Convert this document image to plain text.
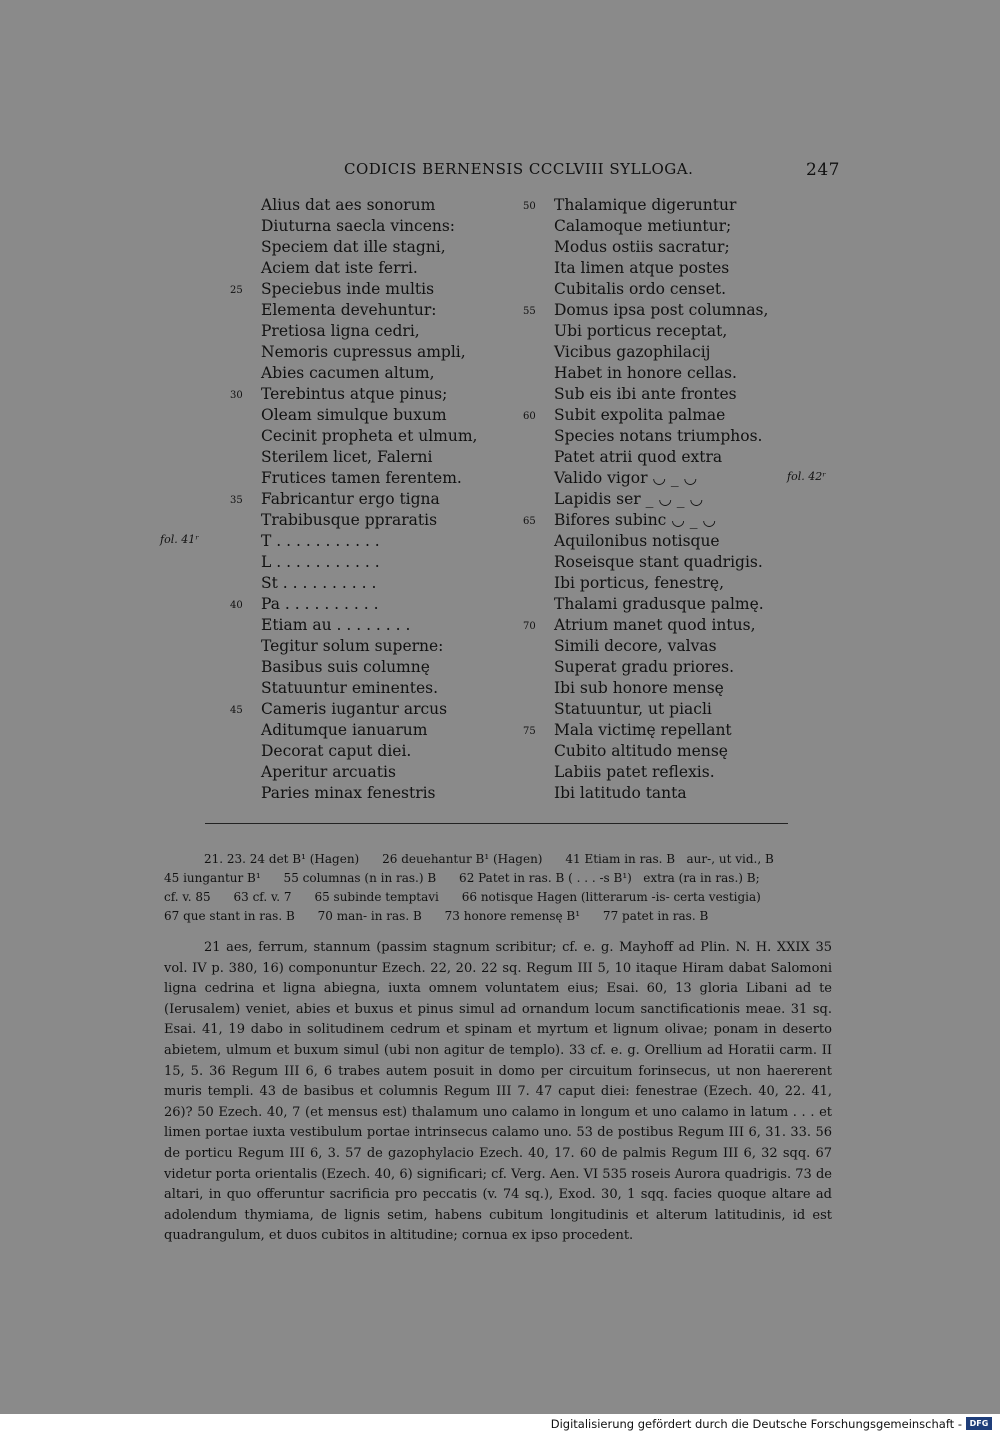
CODICIS BERNENSIS CCCLVIII SYLLOGA.	247
Alius dat aes sonorum
Diuturna saecla vincens:
Speciem dat ille stagni,
Aciem dat iste ferri.
25	Speciebus inde multis
Elementa devehuntur:
Pretiosa ligna cedri,
Nemoris cupressus ampli,
Abies cacumen altum,
30	Terebintus atque pinus;
Oleam simulque buxum
Cecinit propheta et ulmum,
Sterilem licet, Falerni
Frutices tamen ferentem.
35	Fabricantur ergo tigna
Trabibusque ppraratis
T . . . . . . . . . . .
L . . . . . . . . . . .
St . . . . . . . . . .
40	Pa . . . . . . . . . .
Etiam au . . . . . . . .
Tegitur solum superne:
Basibus suis columnę
Statuuntur eminentes.
45	Cameris iugantur arcus
Aditumque ianuarum
Decorat caput diei.
Aperitur arcuatis
Paries minax fenestris
50	Thalamique digeruntur
Calamoque metiuntur;
Modus ostiis sacratur;
Ita limen atque postes
Cubitalis ordo censet.
55	Domus ipsa post columnas,
Ubi porticus receptat,
Vicibus gazophilacij
Habet in honore cellas.
Sub eis ibi ante frontes
60	Subit expolita palmae
Species notans triumphos.
Patet atrii quod extra
Valido vigor ◡ _ ◡
Lapidis ser _ ◡ _ ◡
65	Bifores subinc ◡ _ ◡
Aquilonibus notisque
Roseisque stant quadrigis.
Ibi porticus, fenestrę,
Thalami gradusque palmę.
70	Atrium manet quod intus,
Simili decore, valvas
Superat gradu priores.
Ibi sub honore mensę
Statuuntur, ut piacli
75	Mala victimę repellant
Cubito altitudo mensę
Labiis patet reflexis.
Ibi latitudo tanta
fol. 41ʳ
fol. 42ʳ

21. 23. 24 det B¹ (Hagen)      26 deuehantur B¹ (Hagen)      41 Etiam in ras. B   aur-, ut vid., B

45 iungantur B¹      55 columnas (n in ras.) B      62 Patet in ras. B ( . . . -s B¹)   extra (ra in ras.) B;

cf. v. 85      63 cf. v. 7      65 subinde temptavi      66 notisque Hagen (litterarum -is- certa vestigia)

67 que stant in ras. B      70 man- in ras. B      73 honore remensę B¹      77 patet in ras. B

21 aes, ferrum, stannum (passim stagnum scribitur; cf. e. g. Mayhoff ad Plin. N. H. XXIX 35 vol. IV p. 380, 16) componuntur Ezech. 22, 20. 22 sq. Regum III 5, 10 itaque Hiram dabat Salomoni ligna cedrina et ligna abiegna, iuxta omnem voluntatem eius; Esai. 60, 13 gloria Libani ad te (Ierusalem) veniet, abies et buxus et pinus simul ad ornandum locum sanctificationis meae. 31 sq. Esai. 41, 19 dabo in solitudinem cedrum et spinam et myrtum et lignum olivae; ponam in deserto abietem, ulmum et buxum simul (ubi non agitur de templo). 33 cf. e. g. Orellium ad Horatii carm. II 15, 5. 36 Regum III 6, 6 trabes autem posuit in domo per circuitum forinsecus, ut non haererent muris templi. 43 de basibus et columnis Regum III 7. 47 caput diei: fenestrae (Ezech. 40, 22. 41, 26)? 50 Ezech. 40, 7 (et mensus est) thalamum uno calamo in longum et uno calamo in latum . . . et limen portae iuxta vestibulum portae intrinsecus calamo uno. 53 de postibus Regum III 6, 31. 33. 56 de porticu Regum III 6, 3. 57 de gazophylacio Ezech. 40, 17. 60 de palmis Regum III 6, 32 sqq. 67 videtur porta orientalis (Ezech. 40, 6) significari; cf. Verg. Aen. VI 535 roseis Aurora quadrigis. 73 de altari, in quo offeruntur sacrificia pro peccatis (v. 74 sq.), Exod. 30, 1 sqq. facies quoque altare ad adolendum thymiama, de lignis setim, habens cubitum longitudinis et alterum latitudinis, id est quadrangulum, et duos cubitos in altitudine; cornua ex ipso procedent.

Digitalisierung gefördert durch die Deutsche Forschungsgemeinschaft - DFG
